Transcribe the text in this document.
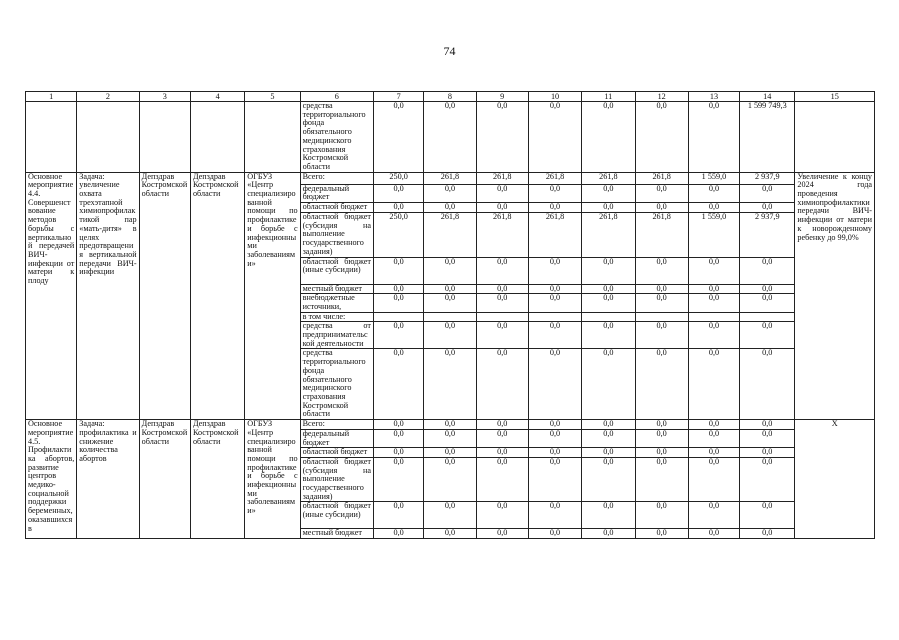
74
1	2	3	4	5	6	7	8	9	10	11	12	13	14	15
					средства территориального фонда обязательного медицинского страхования Костромской области	0,0	0,0	0,0	0,0	0,0	0,0	0,0	1 599 749,3	
Основное мероприятие 4.4. Совершенствование методов борьбы с вертикальной передачей ВИЧ-инфекции от матери к плоду	Задача: увеличение охвата трехэтапной химиопрофилактикой пар «мать-дитя» в целях предотвращения вертикальной передачи ВИЧ-инфекции	Депздрав Костромской области	Депздрав Костромской области	ОГБУЗ «Центр специализированной помощи по профилактике и борьбе с инфекционными заболеваниями»	Всего:	250,0	261,8	261,8	261,8	261,8	261,8	1 559,0	2 937,9	Увеличение к концу 2024 года проведения химиопрофилактики передачи ВИЧ-инфекции от матери к новорожденному ребенку до 99,0%
					федеральный бюджет	0,0	0,0	0,0	0,0	0,0	0,0	0,0	0,0	
					областной бюджет	0,0	0,0	0,0	0,0	0,0	0,0	0,0	0,0	
					областной бюджет (субсидия на выполнение государственного задания)	250,0	261,8	261,8	261,8	261,8	261,8	1 559,0	2 937,9	
					областной бюджет (иные субсидии)	0,0	0,0	0,0	0,0	0,0	0,0	0,0	0,0	
					местный бюджет	0,0	0,0	0,0	0,0	0,0	0,0	0,0	0,0	
					внебюджетные источники,	0,0	0,0	0,0	0,0	0,0	0,0	0,0	0,0	
					в том числе:									
					средства от предпринимательской деятельности	0,0	0,0	0,0	0,0	0,0	0,0	0,0	0,0	
					средства территориального фонда обязательного медицинского страхования Костромской области	0,0	0,0	0,0	0,0	0,0	0,0	0,0	0,0	
Основное мероприятие 4.5. Профилактика абортов, развитие центров медико-социальной поддержки беременных, оказавшихся в	Задача: профилактика и снижение количества абортов	Депздрав Костромской области	Депздрав Костромской области	ОГБУЗ «Центр специализированной помощи по профилактике и борьбе с инфекционными заболеваниями»	Всего:	0,0	0,0	0,0	0,0	0,0	0,0	0,0	0,0	Х
					федеральный бюджет	0,0	0,0	0,0	0,0	0,0	0,0	0,0	0,0	
					областной бюджет	0,0	0,0	0,0	0,0	0,0	0,0	0,0	0,0	
					областной бюджет (субсидия на выполнение государственного задания)	0,0	0,0	0,0	0,0	0,0	0,0	0,0	0,0	
					областной бюджет (иные субсидии)	0,0	0,0	0,0	0,0	0,0	0,0	0,0	0,0	
					местный бюджет	0,0	0,0	0,0	0,0	0,0	0,0	0,0	0,0	
